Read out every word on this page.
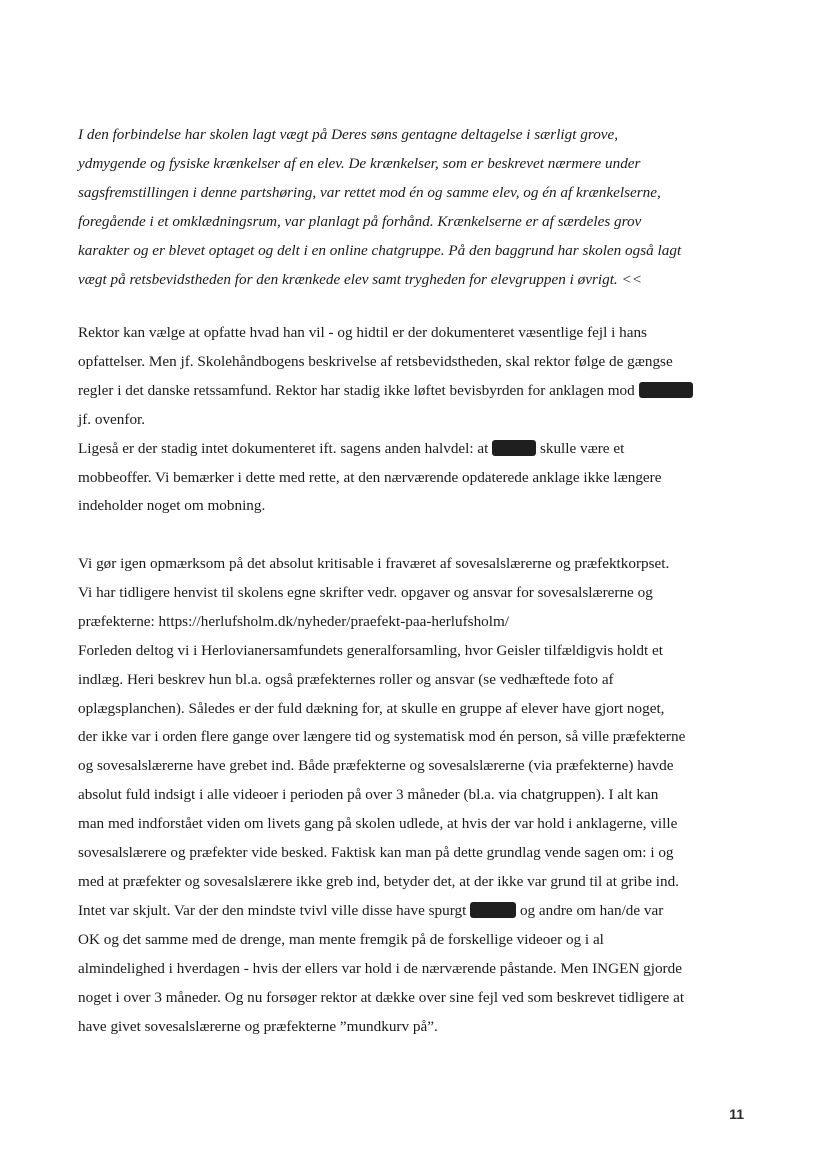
I den forbindelse har skolen lagt vægt på Deres søns gentagne deltagelse i særligt grove,
ydmygende og fysiske krænkelser af en elev. De krænkelser, som er beskrevet nærmere under
sagsfremstillingen i denne partshøring, var rettet mod én og samme elev, og én af krænkelserne,
foregående i et omklædningsrum, var planlagt på forhånd. Krænkelserne er af særdeles grov
karakter og er blevet optaget og delt i en online chatgruppe. På den baggrund har skolen også lagt
vægt på retsbevidstheden for den krænkede elev samt trygheden for elevgruppen i øvrigt. <<
Rektor kan vælge at opfatte hvad han vil - og hidtil er der dokumenteret væsentlige fejl i hans
opfattelser. Men jf. Skolehåndbogens beskrivelse af retsbevidstheden, skal rektor følge de gængse
regler i det danske retssamfund. Rektor har stadig ikke løftet bevisbyrden for anklagen mod
jf. ovenfor.
Ligeså er der stadig intet dokumenteret ift. sagens anden halvdel: at	skulle være et
mobbeoffer. Vi bemærker i dette med rette, at den nærværende opdaterede anklage ikke længere
indeholder noget om mobning.
Vi gør igen opmærksom på det absolut kritisable i fraværet af sovesalslærerne og præfektkorpset.
Vi har tidligere henvist til skolens egne skrifter vedr. opgaver og ansvar for sovesalslærerne og
præfekterne: https://herlufsholm.dk/nyheder/praefekt-paa-herlufsholm/
Forleden deltog vi i Herlovianersamfundets generalforsamling, hvor Geisler tilfældigvis holdt et
indlæg. Heri beskrev hun bl.a. også præfekternes roller og ansvar (se vedhæftede foto af
oplægsplanchen). Således er der fuld dækning for, at skulle en gruppe af elever have gjort noget,
der ikke var i orden flere gange over længere tid og systematisk mod én person, så ville præfekterne
og sovesalslærerne have grebet ind. Både præfekterne og sovesalslærerne (via præfekterne) havde
absolut fuld indsigt i alle videoer i perioden på over 3 måneder (bl.a. via chatgruppen). I alt kan
man med indforstået viden om livets gang på skolen udlede, at hvis der var hold i anklagerne, ville
sovesalslærere og præfekter vide besked. Faktisk kan man på dette grundlag vende sagen om: i og
med at præfekter og sovesalslærere ikke greb ind, betyder det, at der ikke var grund til at gribe ind.
Intet var skjult. Var der den mindste tvivl ville disse have spurgt	og andre om han/de var
OK og det samme med de drenge, man mente fremgik på de forskellige videoer og i al
almindelighed i hverdagen - hvis der ellers var hold i de nærværende påstande. Men INGEN gjorde
noget i over 3 måneder. Og nu forsøger rektor at dække over sine fejl ved som beskrevet tidligere at
have givet sovesalslærerne og præfekterne ”mundkurv på”.
11
